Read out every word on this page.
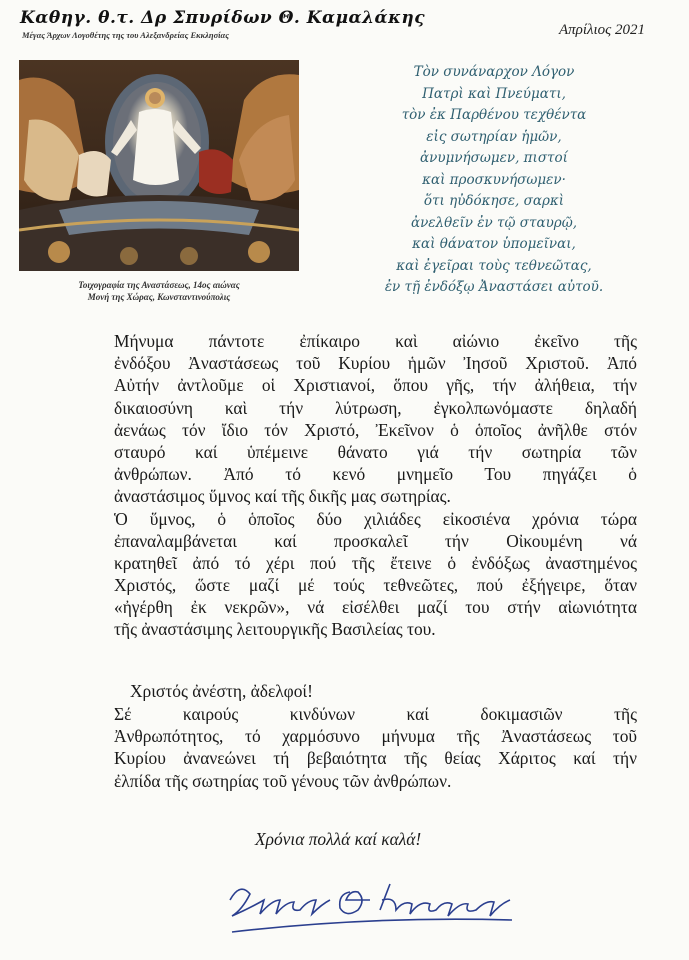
Καθηγ. θ.τ. Δρ Σπυρίδων Θ. Καμαλάκης
Μέγας Άρχων Λογοθέτης της του Αλεξανδρείας Εκκλησίας	Απρίλιος 2021
Τοιχογραφία της Αναστάσεως, 14ος αιώνας
Μονή της Χώρας, Κωνσταντινούπολις
Τὸν συνάναρχον Λόγον
Πατρὶ καὶ Πνεύματι,
τὸν ἐκ Παρθένου τεχθέντα
εἰς σωτηρίαν ἡμῶν,
ἀνυμνήσωμεν, πιστοί
καὶ προσκυνήσωμεν·
ὅτι ηὐδόκησε, σαρκὶ
ἀνελθεῖν ἐν τῷ σταυρῷ,
καὶ θάνατον ὑπομεῖναι,
καὶ ἐγεῖραι τοὺς τεθνεῶτας,
ἐν τῇ ἐνδόξῳ Ἀναστάσει αὐτοῦ.
Μήνυμα πάντοτε ἐπίκαιρο καὶ αἰώνιο ἐκεῖνο τῆς
ἐνδόξου Ἀναστάσεως τοῦ Κυρίου ἡμῶν Ἰησοῦ Χριστοῦ. Ἀπό
Αὐτήν ἀντλοῦμε οἱ Χριστιανοί, ὅπου γῆς, τήν ἀλήθεια, τήν
δικαιοσύνη καὶ τήν λύτρωση, ἐγκολπωνόμαστε δηλαδή
ἀενάως τόν ἴδιο τόν Χριστό, Ἐκεῖνον ὁ ὁποῖος ἀνῆλθε στόν
σταυρό καί ὑπέμεινε θάνατο γιά τήν σωτηρία τῶν
ἀνθρώπων. Ἀπό τό κενό μνημεῖο Του πηγάζει ὁ
ἀναστάσιμος ὕμνος καί τῆς δικῆς μας σωτηρίας.
Ὁ ὕμνος, ὁ ὁποῖος δύο χιλιάδες εἰκοσιένα χρόνια τώρα
ἐπαναλαμβάνεται καί προσκαλεῖ τήν Οἰκουμένη νά
κρατηθεῖ ἀπό τό χέρι πού τῆς ἔτεινε ὁ ἐνδόξως ἀναστημένος
Χριστός, ὥστε μαζί μέ τούς τεθνεῶτες, πού ἐξήγειρε, ὅταν
«ἠγέρθη ἐκ νεκρῶν», νά εἰσέλθει μαζί του στήν αἰωνιότητα
τῆς ἀναστάσιμης λειτουργικῆς Βασιλείας του.
Χριστός ἀνέστη, ἀδελφοί!
Σέ καιρούς κινδύνων καί δοκιμασιῶν τῆς
Ἀνθρωπότητος, τό χαρμόσυνο μήνυμα τῆς Ἀναστάσεως τοῦ
Κυρίου ἀνανεώνει τή βεβαιότητα τῆς θείας Χάριτος καί τήν
ἐλπίδα τῆς σωτηρίας τοῦ γένους τῶν ἀνθρώπων.
Χρόνια πολλά καί καλά!
